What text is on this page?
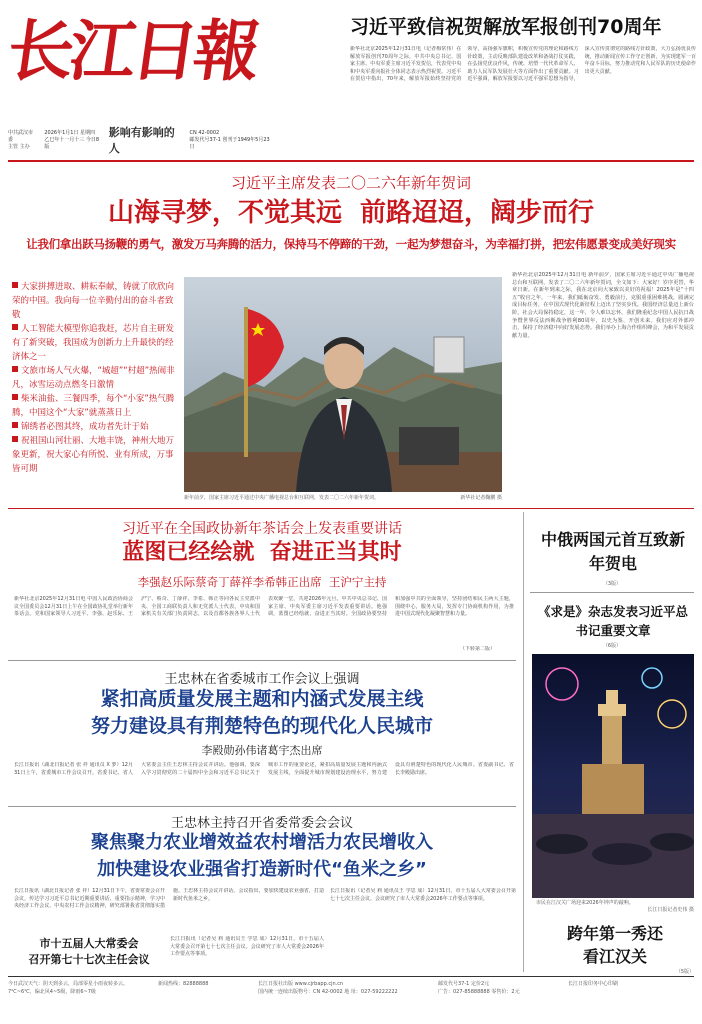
长江日報
中共武汉市委
主管 主办
2026年1月1日 星期四
乙巳年十一月十三 今日8版
影响有影响的人
CN 42-0002
邮发代号37-1 创刊于1949年5月23日
习近平致信祝贺解放军报创刊70周年
新华社北京2025年12月31日电（记者梅常伟）在解放军报创刊70周年之际，中共中央总书记、国家主席、中央军委主席习近平发贺信，代表党中央和中央军委向报社全体同志表示热烈祝贺。习近平在贺信中指出，70年来，解放军报始终坚持党的领导，高扬强军旗帜，积极宣传党的理论和路线方针政策，主动反映部队建设改革和备战打仗实践，在弘扬党优良作风，传统、培塑一代代革命军人、助力人民军队发展壮大等方面作出了重要贡献。习近平强调，解放军报要以习近平强军思想为指导，深入宣传贯彻党的路线方针政策，大力弘扬优良传统，推动新闻宣传工作守正创新，为实现建军一百年奋斗目标，努力推动党和人民军队的历史使命作出更大贡献。
习近平主席发表二〇二六年新年贺词
山海寻梦，不觉其远  前路迢迢，阔步而行
让我们拿出跃马扬鞭的勇气，激发万马奔腾的活力，保持马不停蹄的干劲，一起为梦想奋斗，为幸福打拼，把宏伟愿景变成美好现实
大家拼搏进取、耕耘奉献，铸就了欣欣向荣的中国。我向每一位辛勤付出的奋斗者致敬
人工智能大模型你追我赶，芯片自主研发有了新突破，我国成为创新力上升最快的经济体之一
文旅市场人气火爆，“城超”“村超”热闹非凡，冰雪运动点燃冬日激情
柴米油盐、三餐四季，每个“小家”热气腾腾，中国这个“大家”就蒸蒸日上
锦绣者必图其终，成功者先计于始
祝祖国山河壮丽、大地丰饶，神州大地万象更新，祝大家心有所悦、业有所成，万事皆可期
新年前夕，国家主席习近平通过中央广播电视总台和互联网，发表二〇二六年新年贺词。	新华社记者鞠鹏 摄
新华社北京2025年12月31日电 新年前夕，国家主席习近平通过中央广播电视总台和互联网，发表了二〇二六年新年贺词，全文如下：大家好！岁序更替，华章日新。在新年到来之际，我在北京向大家致以美好的祝福！2025年是“十四五”收官之年，一年来，我们砥砺奋发、勇毅前行，克服重重困难挑战，圆满完成目标任务，在中国式现代化新征程上迈出了坚实步伐。我国经济总量迈上新台阶，社会大局保持稳定，这一年，令人难以忘怀。我们隆重纪念中国人民抗日战争暨世界反法西斯战争胜利80周年，以史为鉴、开创未来。我们应对外部冲击，保持了经济稳中向好发展态势。我们举办上海合作组织峰会，为和平发展贡献力量。
习近平在全国政协新年茶话会上发表重要讲话
蓝图已经绘就  奋进正当其时
李强赵乐际蔡奇丁薛祥李希韩正出席  王沪宁主持
新华社北京2025年12月31日电 中国人民政治协商会议全国委员会12月31日上午在全国政协礼堂举行新年茶话会。党和国家领导人习近平、李强、赵乐际、王沪宁、蔡奇、丁薛祥、李希、韩正等同各民主党派中央、全国工商联负责人和无党派人士代表，中央和国家机关有关部门负责同志，以及首都各族各界人士代表欢聚一堂，共迎2026年元旦。中共中央总书记、国家主席、中央军委主席习近平发表重要讲话。他强调，蓝图已经绘就，奋进正当其时。全国政协要坚持和加强中共的全面领导，坚持团结和民主两大主题，围绕中心，服务大局，发挥专门协商机构作用，为推进中国式现代化凝聚智慧和力量。
（下转第二版）
中俄两国元首互致新年贺电
（3版）
《求是》杂志发表习近平总书记重要文章
（6版）
市民在江汉关广场迎来2026年钟声的敲响。
长江日报记者史伟 摄
跨年第一秀还看江汉关
（5版）
王忠林在省委城市工作会议上强调
紧扣高质量发展主题和内涵式发展主线
努力建设具有荆楚特色的现代化人民城市
李殿勋孙伟诸葛宇杰出席
长江日报讯（湖北日报记者 张 祥 通讯员 X 萝）12月31日上午，省委城市工作会议召开。省委书记、省人大常委会主任王忠林主持会议并讲话。他强调，要深入学习贯彻党的二十届四中全会和习近平总书记关于城市工作的重要论述，紧扣高质量发展主题和内涵式发展主线，全面提升城市规划建设治理水平，努力建设具有荆楚特色的现代化人民城市。省委副书记、省长李殿勋出席。
王忠林主持召开省委常委会会议
聚焦聚力农业增效益农村增活力农民增收入
加快建设农业强省打造新时代“鱼米之乡”
长江日报讯（湖北日报记者 张 祥）12月31日下午，省委常委会召开会议，传达学习习近平总书记近期重要讲话、重要指示精神，学习中央经济工作会议、中央农村工作会议精神，研究部署我省贯彻落实措施。王忠林主持会议并讲话。会议指出，要加快建设农业强省，打造新时代鱼米之乡。
市十五届人大常委会
召开第七十七次主任会议
长江日报讯（记者吴 莉 通讯员王 学思 成）12月31日，市十五届人大常委会召开第七十七次主任会议。会议研究了市人大常委会2026年工作要点等事项。
长江日报讯（记者吴 莉 通讯员王 学思 成）12月31日，市十五届人大常委会召开第七十七次主任会议。会议研究了市人大常委会2026年工作要点等事项。
今日武汉天气：阴天到多云，局部零星小雨夜转多云。7℃~6℃，偏北风4~5级，降雨6~7级
新闻热线：82888888	长江日报社出版 www.cjrbapp.cjn.cn
国内统一连续出版物号：CN 42-0002 地 址：027-59222222
邮发代号37-1 定价2元
广告：027-85888888 零售价：2元
长江日报印务中心印刷
